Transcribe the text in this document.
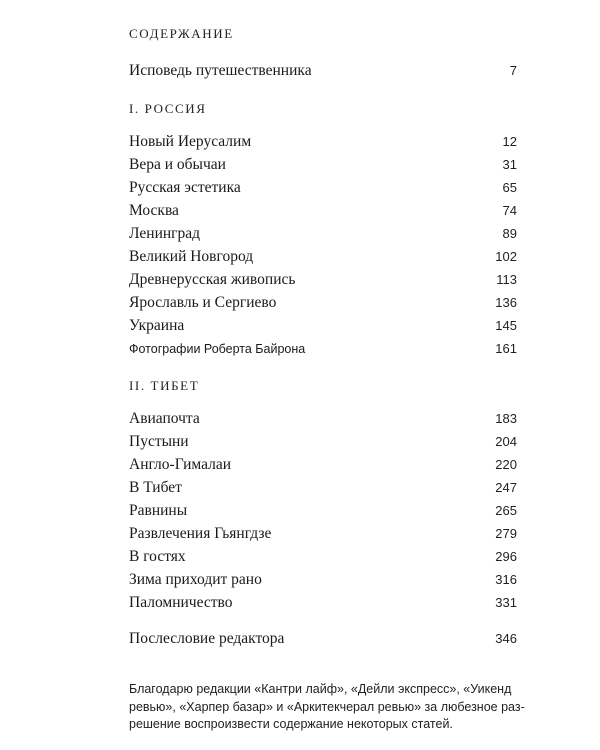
СОДЕРЖАНИЕ
Исповедь путешественника	7
I. РОССИЯ
Новый Иерусалим	12
Вера и обычаи	31
Русская эстетика	65
Москва	74
Ленинград	89
Великий Новгород	102
Древнерусская живопись	113
Ярославль и Сергиево	136
Украина	145
Фотографии Роберта Байрона	161
II. ТИБЕТ
Авиапочта	183
Пустыни	204
Англо-Гималаи	220
В Тибет	247
Равнины	265
Развлечения Гьянгдзе	279
В гостях	296
Зима приходит рано	316
Паломничество	331
Послесловие редактора	346
Благодарю редакции «Кантри лайф», «Дейли экспресс», «Уикенд
ревью», «Харпер базар» и «Аркитекчерал ревью» за любезное раз-
решение воспроизвести содержание некоторых статей.
